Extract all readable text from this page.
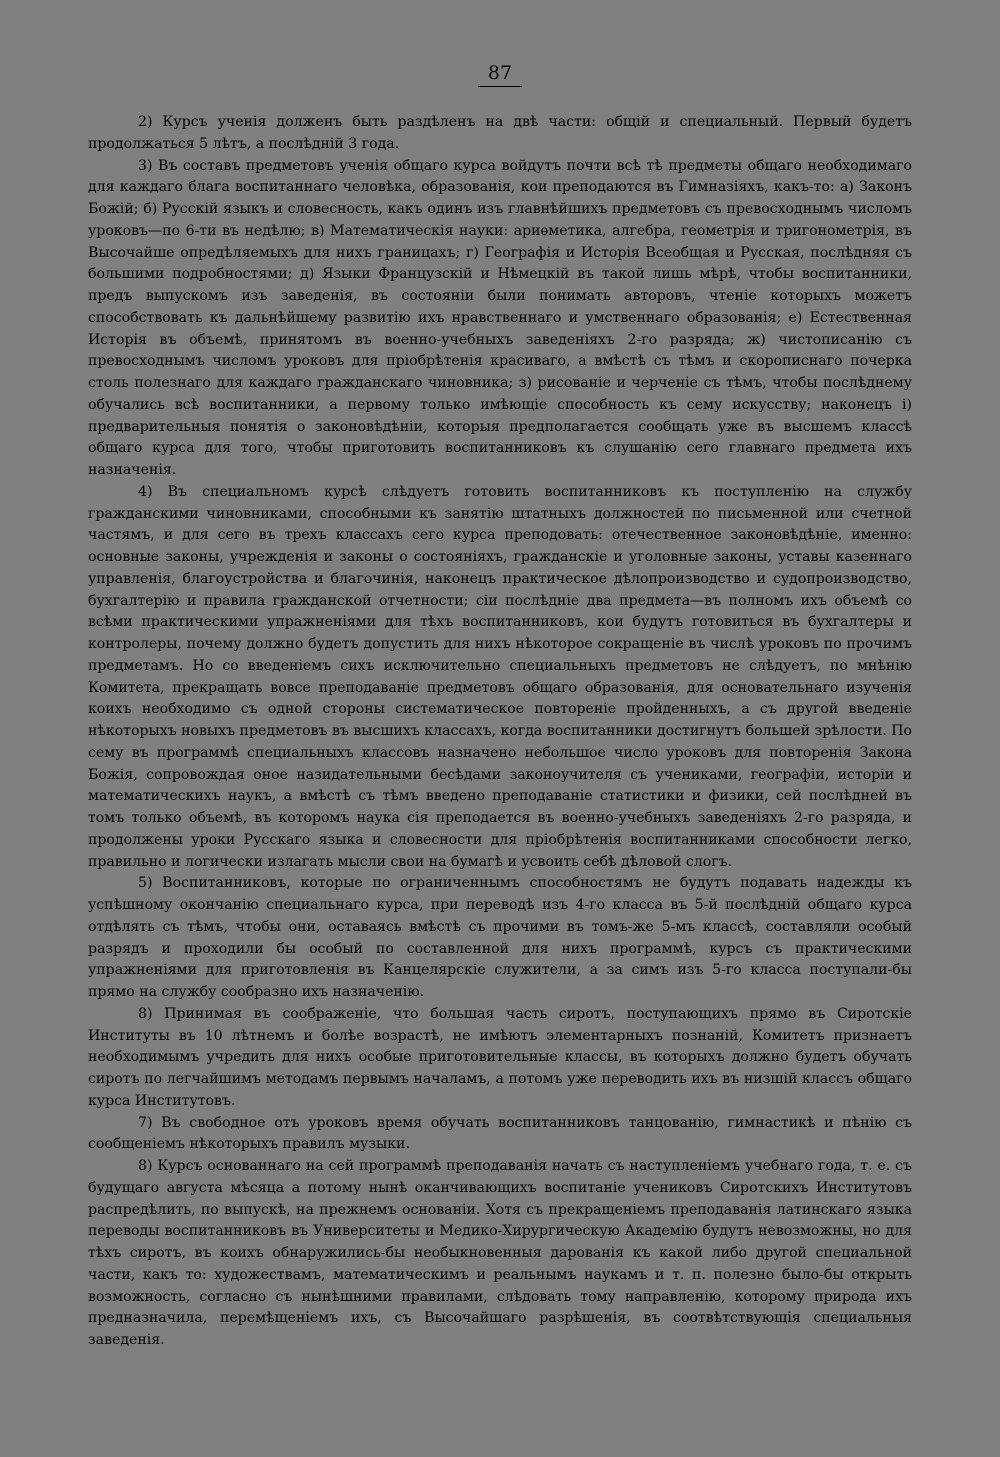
87

2) Курсъ ученія долженъ быть раздѣленъ на двѣ части: общій и специальный. Первый будетъ продолжаться 5 лѣтъ, а послѣдній 3 года.

3) Въ составъ предметовъ ученія общаго курса войдутъ почти всѣ тѣ предметы общаго необходимаго для каждаго блага воспитаннаго человѣка, образованія, кои преподаются въ Гимназіяхъ, какъ-то: а) Законъ Божій; б) Русскій языкъ и словесность, какъ одинъ изъ главнѣйшихъ предметовъ съ превосходнымъ числомъ уроковъ—по 6-ти въ недѣлю; в) Математическія науки: ариѳметика, алгебра, геометрія и тригонометрія, въ Высочайше опредѣляемыхъ для нихъ границахъ; г) Географія и Исторія Всеобщая и Русская, послѣдняя съ большими подробностями; д) Языки Французскій и Нѣмецкій въ такой лишь мѣрѣ, чтобы воспитанники, предъ выпускомъ изъ заведенія, въ состояніи были понимать авторовъ, чтеніе которыхъ можетъ способствовать къ дальнѣйшему развитію ихъ нравственнаго и умственнаго образованія; е) Естественная Исторія въ объемѣ, принятомъ въ военно-учебныхъ заведеніяхъ 2-го разряда; ж) чистописанію съ превосходнымъ числомъ уроковъ для пріобрѣтенія красиваго, а вмѣстѣ съ тѣмъ и скорописнаго почерка столь полезнаго для каждаго гражданскаго чиновника; з) рисованіе и черченіе съ тѣмъ, чтобы послѣднему обучались всѣ воспитанники, а первому только имѣющіе способность къ сему искусству; наконецъ і) предварительныя понятія о законовѣдѣніи, которыя предполагается сообщать уже въ высшемъ классѣ общаго курса для того, чтобы приготовить воспитанниковъ къ слушанію сего главнаго предмета ихъ назначенія.

4) Въ специальномъ курсѣ слѣдуетъ готовить воспитанниковъ къ поступленію на службу гражданскими чиновниками, способными къ занятію штатныхъ должностей по письменной или счетной частямъ, и для сего въ трехъ классахъ сего курса преподовать: отечественное законовѣдѣніе, именно: основные законы, учрежденія и законы о состояніяхъ, гражданскіе и уголовные законы, уставы казеннаго управленія, благоустройства и благочинія, наконецъ практическое дѣлопроизводство и судопроизводство, бухгалтерію и правила гражданской отчетности; сіи послѣдніе два предмета—въ полномъ ихъ объемѣ со всѣми практическими упражненіями для тѣхъ воспитанниковъ, кои будутъ готовиться въ бухгалтеры и контролеры, почему должно будетъ допустить для нихъ нѣкоторое сокращеніе въ числѣ уроковъ по прочимъ предметамъ. Но со введеніемъ сихъ исключительно специальныхъ предметовъ не слѣдуетъ, по мнѣнію Комитета, прекращать вовсе преподаваніе предметовъ общаго образованія, для основательнаго изученія коихъ необходимо съ одной стороны систематическое повтореніе пройденныхъ, а съ другой введеніе нѣкоторыхъ новыхъ предметовъ въ высшихъ классахъ, когда воспитанники достигнутъ большей зрѣлости. По сему въ программѣ специальныхъ классовъ назначено небольшое число уроковъ для повторенія Закона Божія, сопровождая оное назидательными бесѣдами законоучителя съ учениками, географіи, исторіи и математическихъ наукъ, а вмѣстѣ съ тѣмъ введено преподаваніе статистики и физики, сей послѣдней въ томъ только объемѣ, въ которомъ наука сія преподается въ военно-учебныхъ заведеніяхъ 2-го разряда, и продолжены уроки Русскаго языка и словесности для пріобрѣтенія воспитанниками способности легко, правильно и логически излагать мысли свои на бумагѣ и усвоить себѣ дѣловой слогъ.

5) Воспитанниковъ, которые по ограниченнымъ способностямъ не будутъ подавать надежды къ успѣшному окончанію специальнаго курса, при переводѣ изъ 4-го класса въ 5-й послѣдній общаго курса отдѣлять съ тѣмъ, чтобы они, оставаясь вмѣстѣ съ прочими въ томъ-же 5-мъ классѣ, составляли особый разрядъ и проходили бы особый по составленной для нихъ программѣ, курсъ съ практическими упражненіями для приготовленія въ Канцелярскіе служители, а за симъ изъ 5-го класса поступали-бы прямо на службу сообразно ихъ назначенію.

8) Принимая въ соображеніе, что большая часть сиротъ, поступающихъ прямо въ Сиротскіе Институты въ 10 лѣтнемъ и болѣе возрастѣ, не имѣютъ элементарныхъ познаній, Комитетъ признаетъ необходимымъ учредить для нихъ особые приготовительные классы, въ которыхъ должно будетъ обучать сиротъ по легчайшимъ методамъ первымъ началамъ, а потомъ уже переводить ихъ въ низшій классъ общаго курса Институтовъ.

7) Въ свободное отъ уроковъ время обучать воспитанниковъ танцованію, гимнастикѣ и пѣнію съ сообщеніемъ нѣкоторыхъ правилъ музыки.

8) Курсъ основаннаго на сей программѣ преподаванія начать съ наступленіемъ учебнаго года, т. е. съ будущаго августа мѣсяца а потому нынѣ оканчивающихъ воспитаніе учениковъ Сиротскихъ Институтовъ распредѣлить, по выпускѣ, на прежнемъ основаніи. Хотя съ прекращеніемъ преподаванія латинскаго языка переводы воспитанниковъ въ Университеты и Медико-Хирургическую Академію будутъ невозможны, но для тѣхъ сиротъ, въ коихъ обнаружились-бы необыкновенныя дарованія къ какой либо другой специальной части, какъ то: художествамъ, математическимъ и реальнымъ наукамъ и т. п. полезно было-бы открыть возможность, согласно съ нынѣшними правилами, слѣдовать тому направленію, которому природа ихъ предназначила, перемѣщеніемъ ихъ, съ Высочайшаго разрѣшенія, въ соотвѣтствующія специальныя заведенія.
